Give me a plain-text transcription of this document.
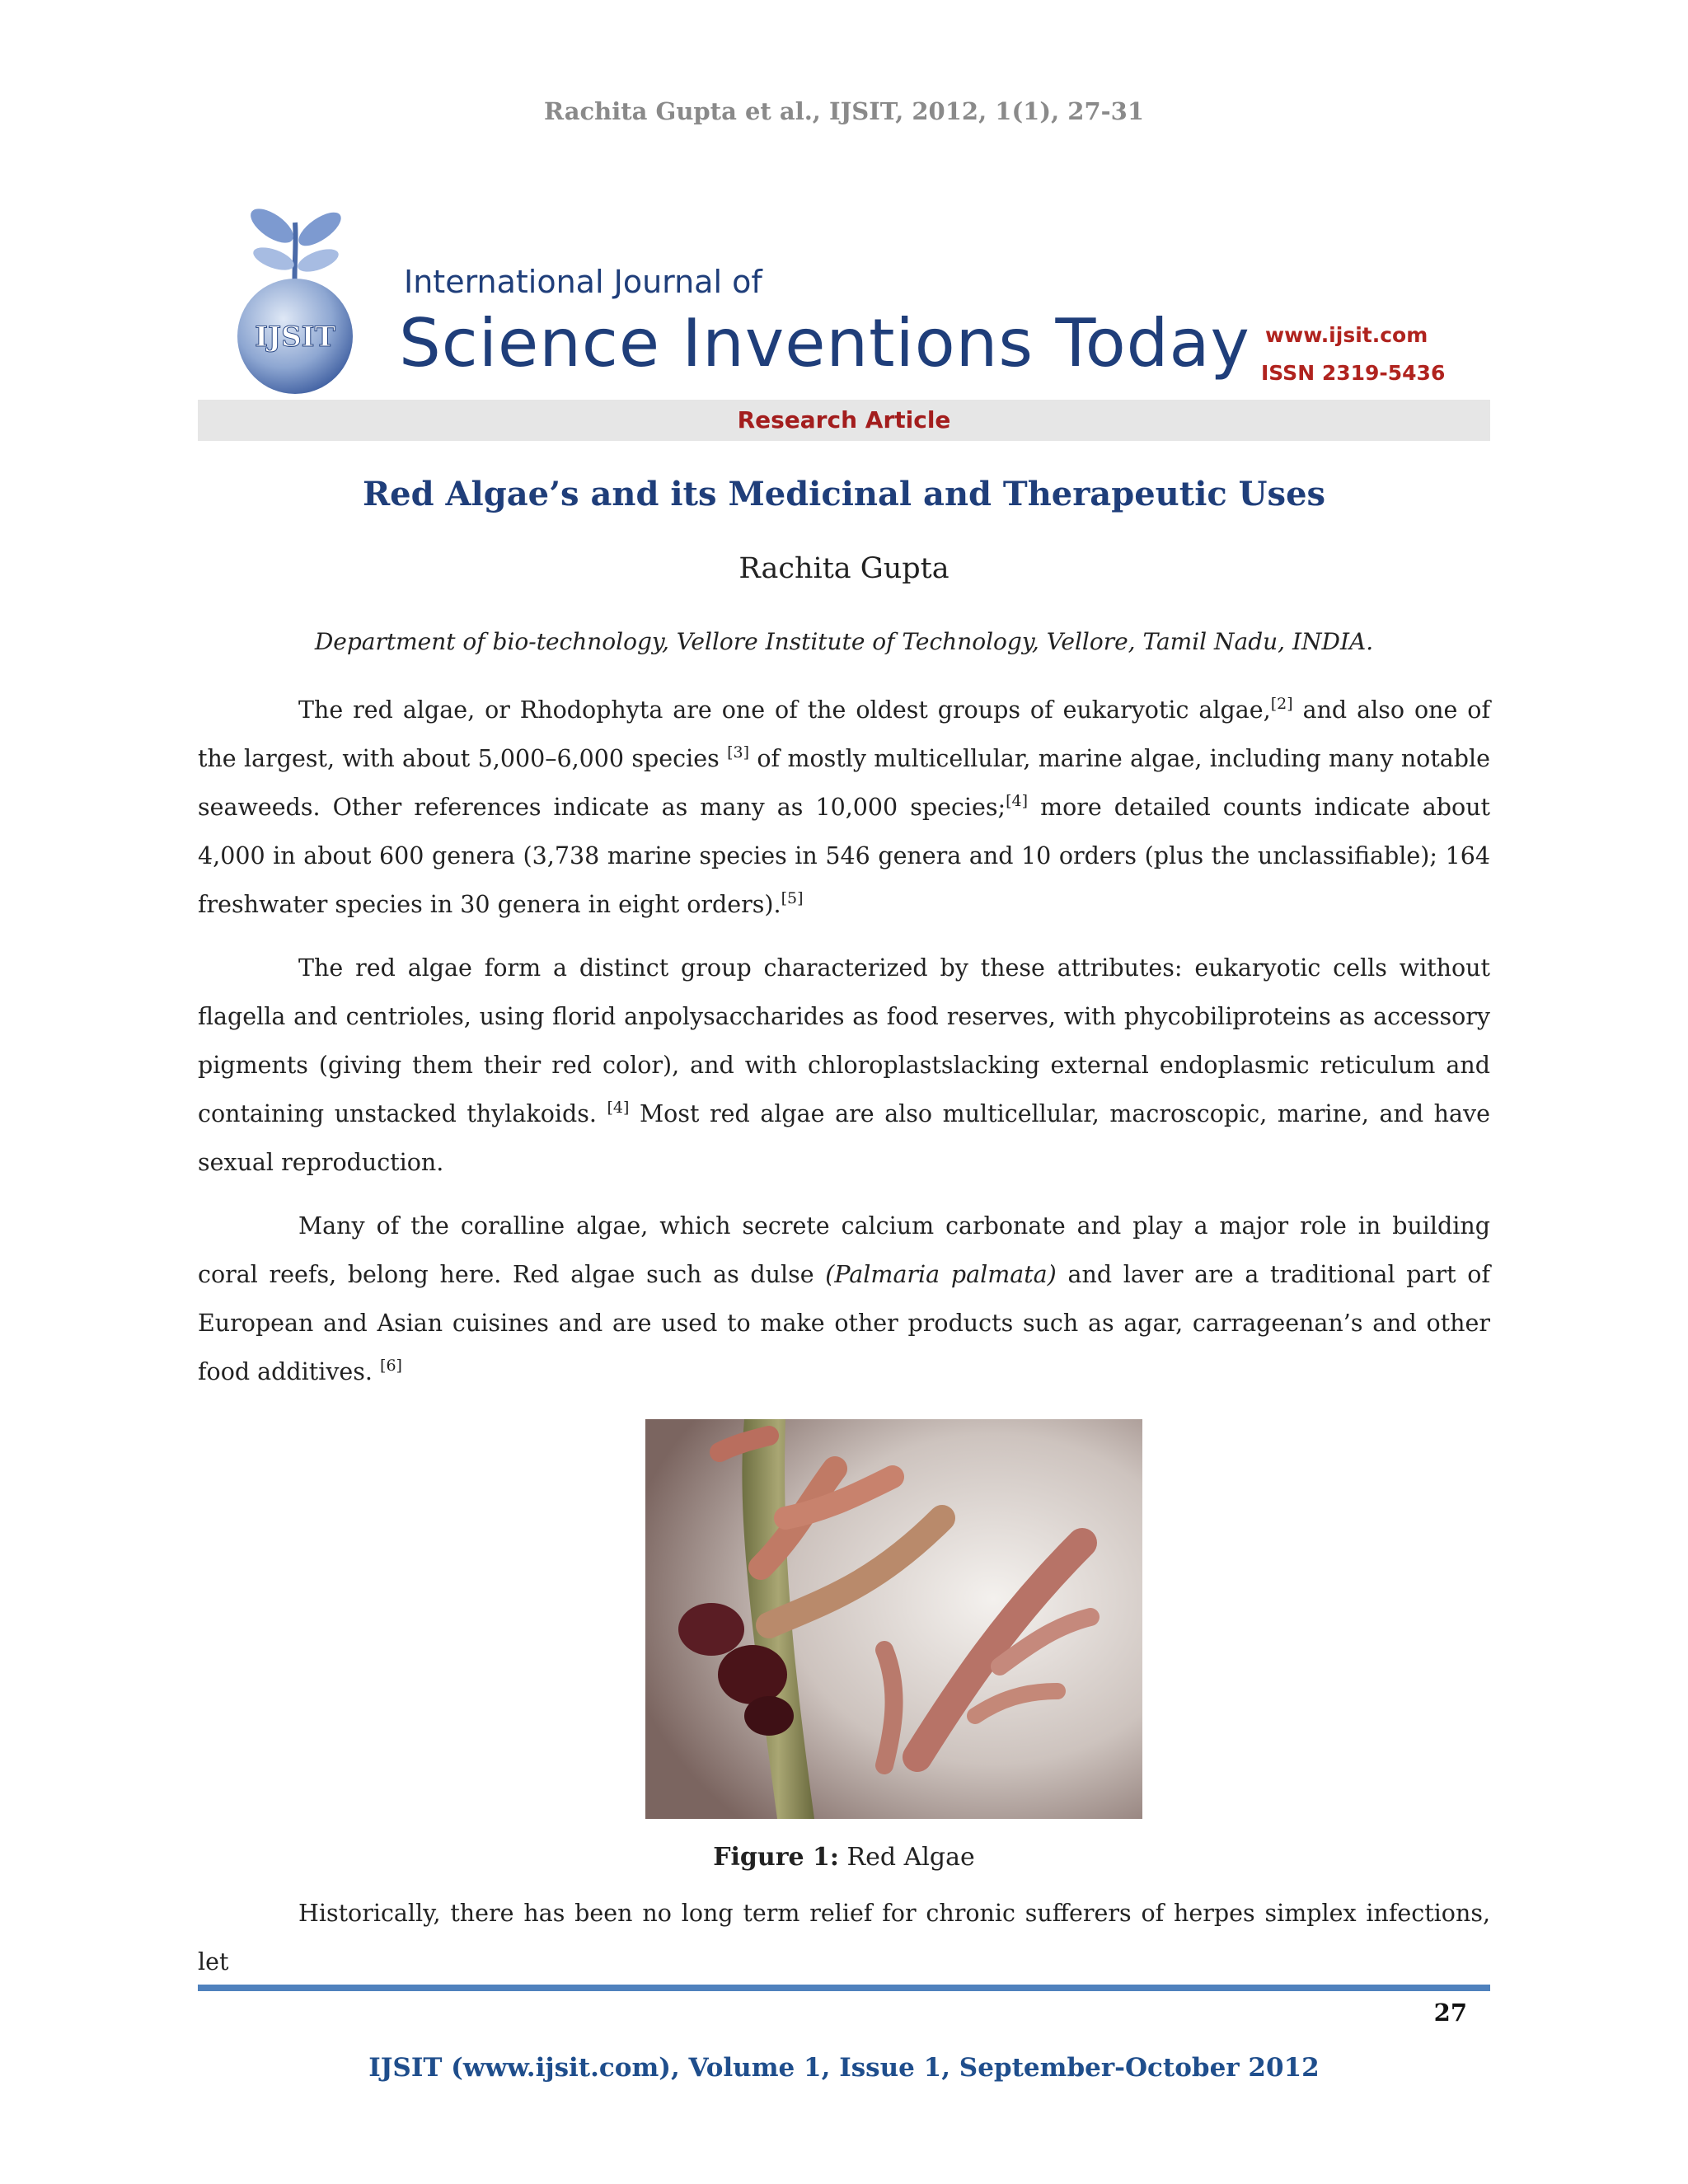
Rachita Gupta et al., IJSIT, 2012, 1(1), 27-31
IJSIT
International Journal of
Science Inventions Today www.ijsit.com
ISSN 2319-5436
Research Article
Red Algae’s and its Medicinal and Therapeutic Uses
Rachita Gupta
Department of bio-technology, Vellore Institute of Technology, Vellore, Tamil Nadu, INDIA.

The red algae, or Rhodophyta are one of the oldest groups of eukaryotic algae,[2] and also one of the largest, with about 5,000–6,000 species [3] of mostly multicellular, marine algae, including many notable seaweeds. Other references indicate as many as 10,000 species;[4] more detailed counts indicate about 4,000 in about 600 genera (3,738 marine species in 546 genera and 10 orders (plus the unclassifiable); 164 freshwater species in 30 genera in eight orders).[5]

The red algae form a distinct group characterized by these attributes: eukaryotic cells without flagella and centrioles, using florid anpolysaccharides as food reserves, with phycobiliproteins as accessory pigments (giving them their red color), and with chloroplastslacking external endoplasmic reticulum and containing unstacked thylakoids. [4] Most red algae are also multicellular, macroscopic, marine, and have sexual reproduction.

Many of the coralline algae, which secrete calcium carbonate and play a major role in building coral reefs, belong here. Red algae such as dulse (Palmaria palmata) and laver are a traditional part of European and Asian cuisines and are used to make other products such as agar, carrageenan’s and other food additives. [6]

Figure 1: Red Algae

Historically, there has been no long term relief for chronic sufferers of herpes simplex infections, let

27
IJSIT (www.ijsit.com), Volume 1, Issue 1, September-October 2012
